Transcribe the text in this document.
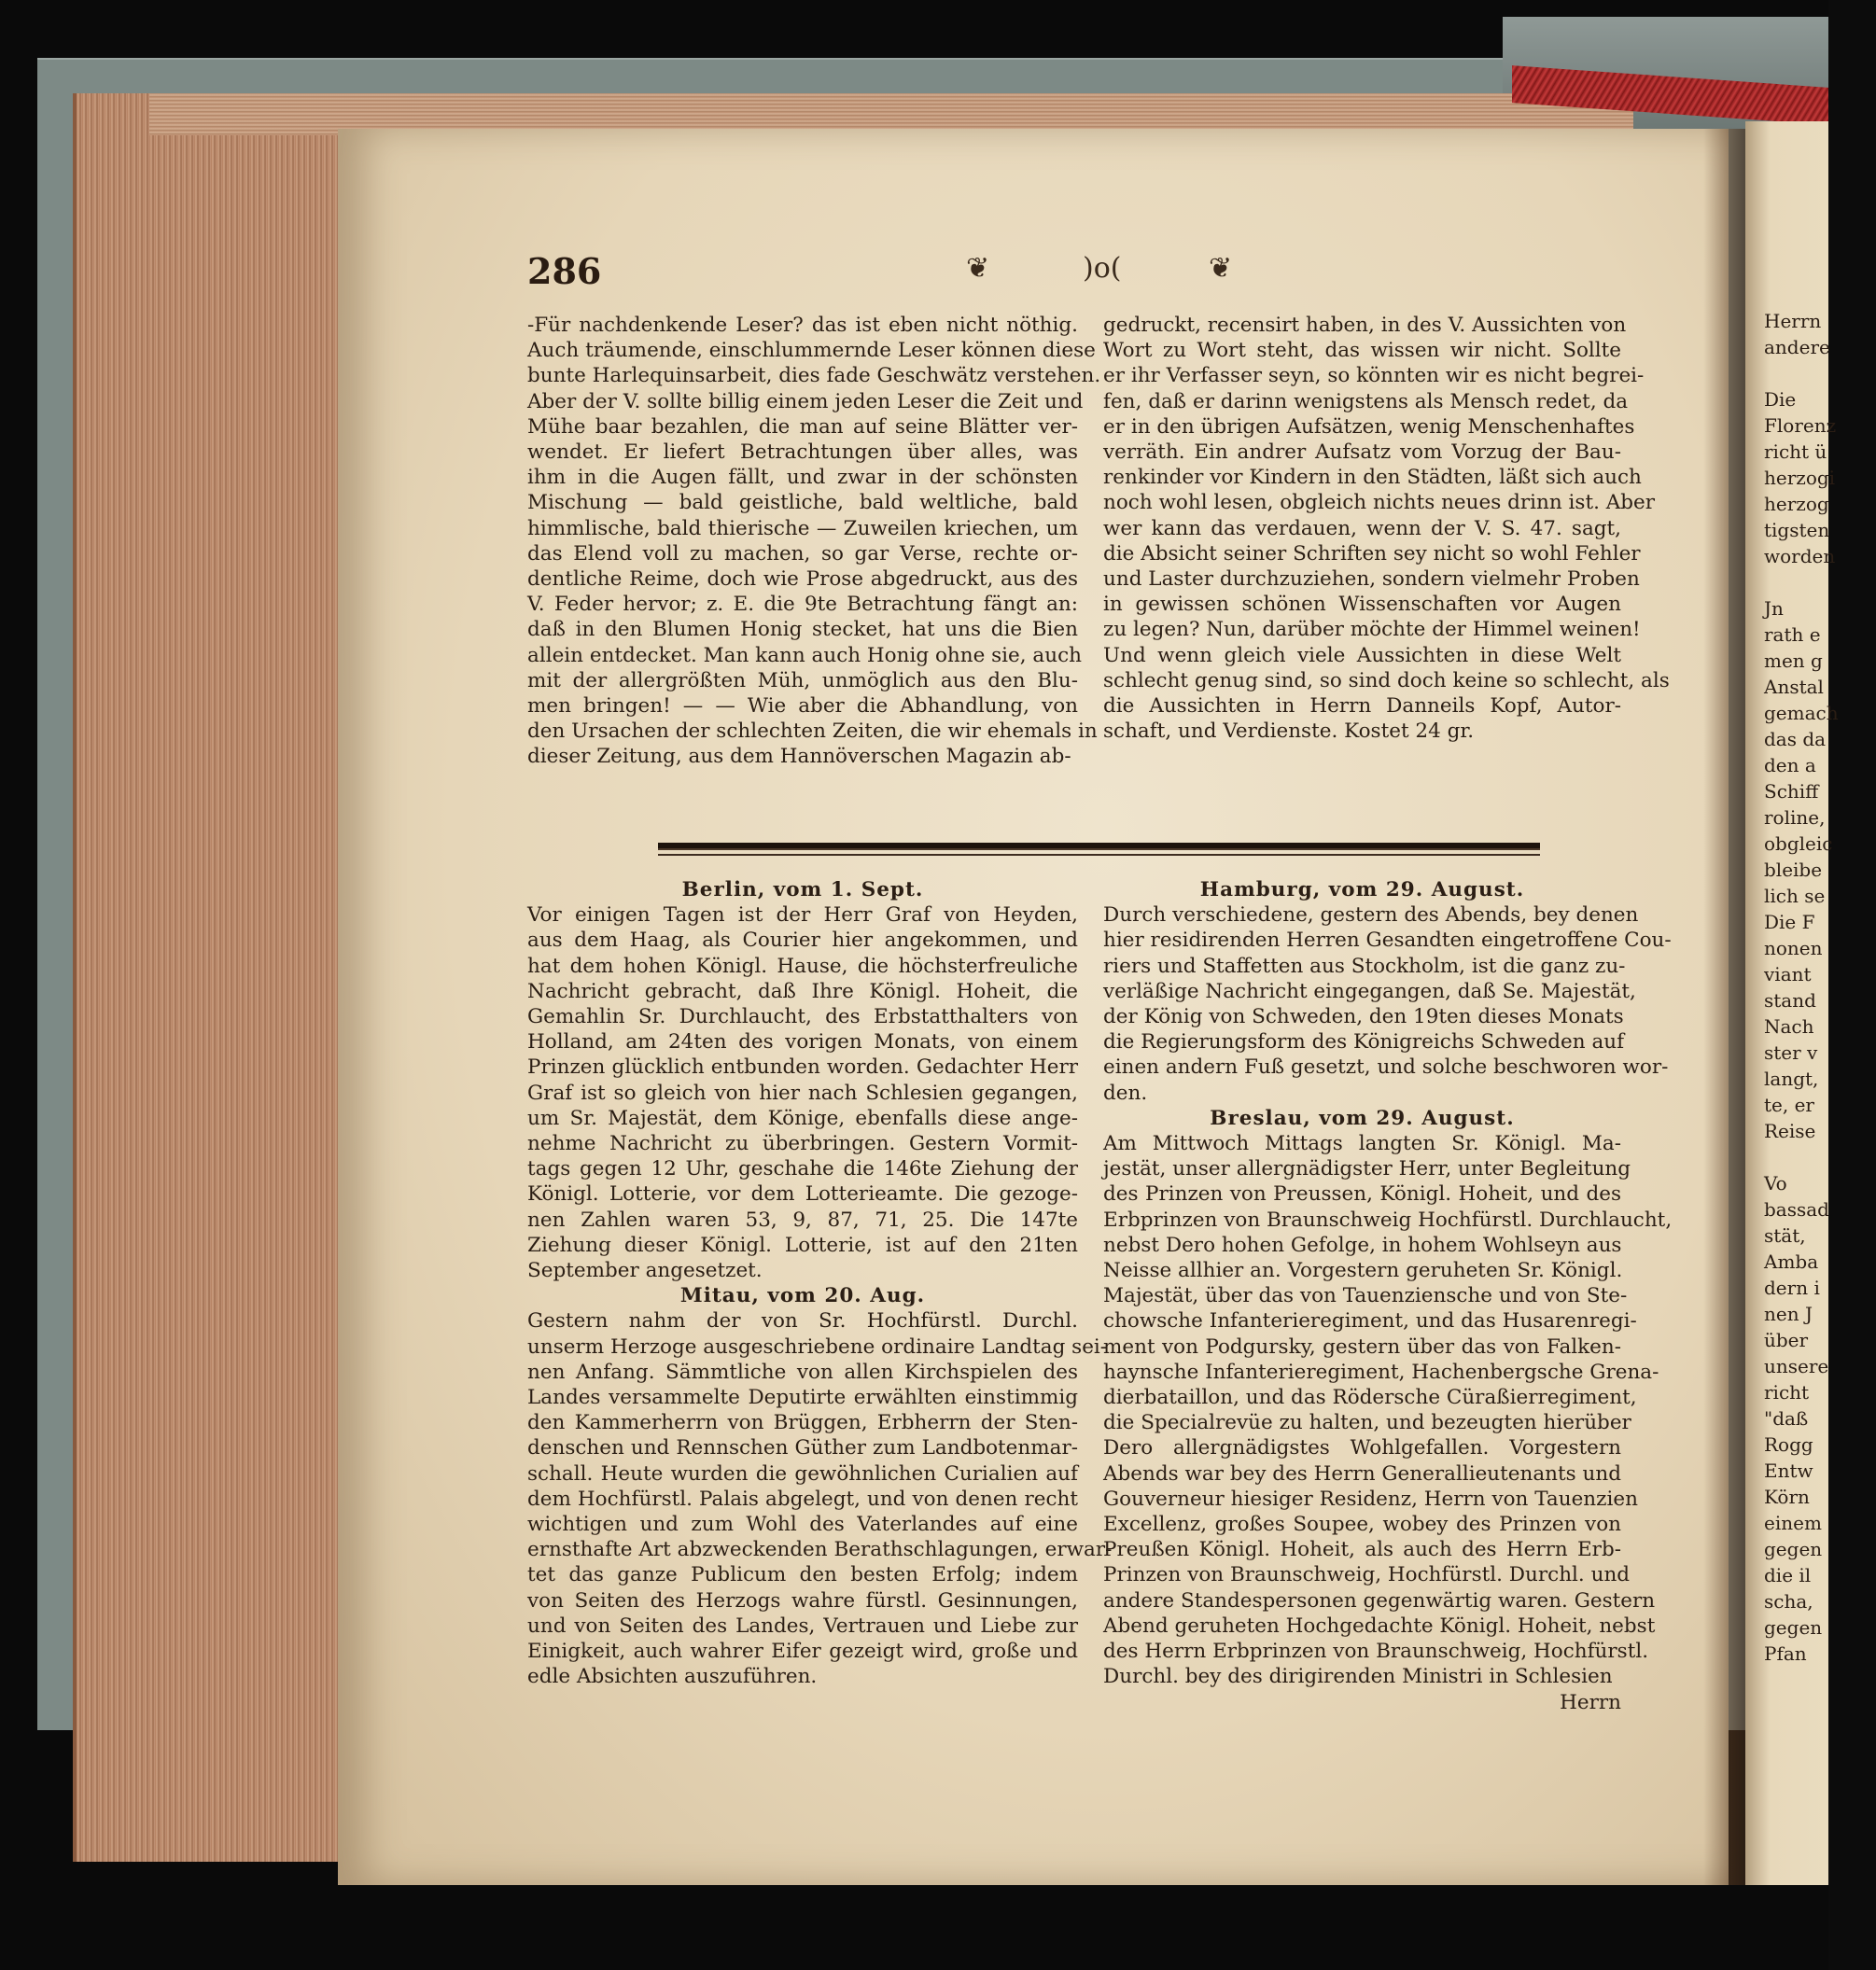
Herrn
andere
Die
Florenz
richt ü
herzogi
herzog
tigsten
worden
Jn
rath e
men g
Anstal
gemach
das da
den a
Schiff
roline,
obgleic
bleibe
lich se
Die F
nonen
viant
stand
Nach
ster v
langt,
te, er
Reise
Vo
bassad
stät,
Amba
dern i
nen J
über
unsere
richt
"daß
Rogg
Entw
Körn
einem
gegen
die il
scha,
gegen
Pfan
286	❦	)o(	❦
-Für nachdenkende Leser? das ist eben nicht nöthig.
Auch träumende, einschlummernde Leser können diese
bunte Harlequinsarbeit, dies fade Geschwätz verstehen.
Aber der V. sollte billig einem jeden Leser die Zeit und
Mühe baar bezahlen, die man auf seine Blätter ver-
wendet. Er liefert Betrachtungen über alles, was
ihm in die Augen fällt, und zwar in der schönsten
Mischung — bald geistliche, bald weltliche, bald
himmlische, bald thierische — Zuweilen kriechen, um
das Elend voll zu machen, so gar Verse, rechte or-
dentliche Reime, doch wie Prose abgedruckt, aus des
V. Feder hervor; z. E. die 9te Betrachtung fängt an:
daß in den Blumen Honig stecket, hat uns die Bien
allein entdecket. Man kann auch Honig ohne sie, auch
mit der allergrößten Müh, unmöglich aus den Blu-
men bringen! — — Wie aber die Abhandlung, von
den Ursachen der schlechten Zeiten, die wir ehemals in
dieser Zeitung, aus dem Hannöverschen Magazin ab-
gedruckt, recensirt haben, in des V. Aussichten von
Wort zu Wort steht, das wissen wir nicht. Sollte
er ihr Verfasser seyn, so könnten wir es nicht begrei-
fen, daß er darinn wenigstens als Mensch redet, da
er in den übrigen Aufsätzen, wenig Menschenhaftes
verräth. Ein andrer Aufsatz vom Vorzug der Bau-
renkinder vor Kindern in den Städten, läßt sich auch
noch wohl lesen, obgleich nichts neues drinn ist. Aber
wer kann das verdauen, wenn der V. S. 47. sagt,
die Absicht seiner Schriften sey nicht so wohl Fehler
und Laster durchzuziehen, sondern vielmehr Proben
in gewissen schönen Wissenschaften vor Augen
zu legen? Nun, darüber möchte der Himmel weinen!
Und wenn gleich viele Aussichten in diese Welt
schlecht genug sind, so sind doch keine so schlecht, als
die Aussichten in Herrn Danneils Kopf, Autor-
schaft, und Verdienste. Kostet 24 gr.
Berlin, vom 1. Sept.
Vor einigen Tagen ist der Herr Graf von Heyden,
aus dem Haag, als Courier hier angekommen, und
hat dem hohen Königl. Hause, die höchsterfreuliche
Nachricht gebracht, daß Ihre Königl. Hoheit, die
Gemahlin Sr. Durchlaucht, des Erbstatthalters von
Holland, am 24ten des vorigen Monats, von einem
Prinzen glücklich entbunden worden. Gedachter Herr
Graf ist so gleich von hier nach Schlesien gegangen,
um Sr. Majestät, dem Könige, ebenfalls diese ange-
nehme Nachricht zu überbringen. Gestern Vormit-
tags gegen 12 Uhr, geschahe die 146te Ziehung der
Königl. Lotterie, vor dem Lotterieamte. Die gezoge-
nen Zahlen waren 53, 9, 87, 71, 25. Die 147te
Ziehung dieser Königl. Lotterie, ist auf den 21ten
September angesetzet.
Mitau, vom 20. Aug.
Gestern nahm der von Sr. Hochfürstl. Durchl.
unserm Herzoge ausgeschriebene ordinaire Landtag sei-
nen Anfang. Sämmtliche von allen Kirchspielen des
Landes versammelte Deputirte erwählten einstimmig
den Kammerherrn von Brüggen, Erbherrn der Sten-
denschen und Rennschen Güther zum Landbotenmar-
schall. Heute wurden die gewöhnlichen Curialien auf
dem Hochfürstl. Palais abgelegt, und von denen recht
wichtigen und zum Wohl des Vaterlandes auf eine
ernsthafte Art abzweckenden Berathschlagungen, erwar-
tet das ganze Publicum den besten Erfolg; indem
von Seiten des Herzogs wahre fürstl. Gesinnungen,
und von Seiten des Landes, Vertrauen und Liebe zur
Einigkeit, auch wahrer Eifer gezeigt wird, große und
edle Absichten auszuführen.
Hamburg, vom 29. August.
Durch verschiedene, gestern des Abends, bey denen
hier residirenden Herren Gesandten eingetroffene Cou-
riers und Staffetten aus Stockholm, ist die ganz zu-
verläßige Nachricht eingegangen, daß Se. Majestät,
der König von Schweden, den 19ten dieses Monats
die Regierungsform des Königreichs Schweden auf
einen andern Fuß gesetzt, und solche beschworen wor-
den.
Breslau, vom 29. August.
Am Mittwoch Mittags langten Sr. Königl. Ma-
jestät, unser allergnädigster Herr, unter Begleitung
des Prinzen von Preussen, Königl. Hoheit, und des
Erbprinzen von Braunschweig Hochfürstl. Durchlaucht,
nebst Dero hohen Gefolge, in hohem Wohlseyn aus
Neisse allhier an. Vorgestern geruheten Sr. Königl.
Majestät, über das von Tauenziensche und von Ste-
chowsche Infanterieregiment, und das Husarenregi-
ment von Podgursky, gestern über das von Falken-
haynsche Infanterieregiment, Hachenbergsche Grena-
dierbataillon, und das Rödersche Cüraßierregiment,
die Specialrevüe zu halten, und bezeugten hierüber
Dero allergnädigstes Wohlgefallen. Vorgestern
Abends war bey des Herrn Generallieutenants und
Gouverneur hiesiger Residenz, Herrn von Tauenzien
Excellenz, großes Soupee, wobey des Prinzen von
Preußen Königl. Hoheit, als auch des Herrn Erb-
Prinzen von Braunschweig, Hochfürstl. Durchl. und
andere Standespersonen gegenwärtig waren. Gestern
Abend geruheten Hochgedachte Königl. Hoheit, nebst
des Herrn Erbprinzen von Braunschweig, Hochfürstl.
Durchl. bey des dirigirenden Ministri in Schlesien
Herrn
